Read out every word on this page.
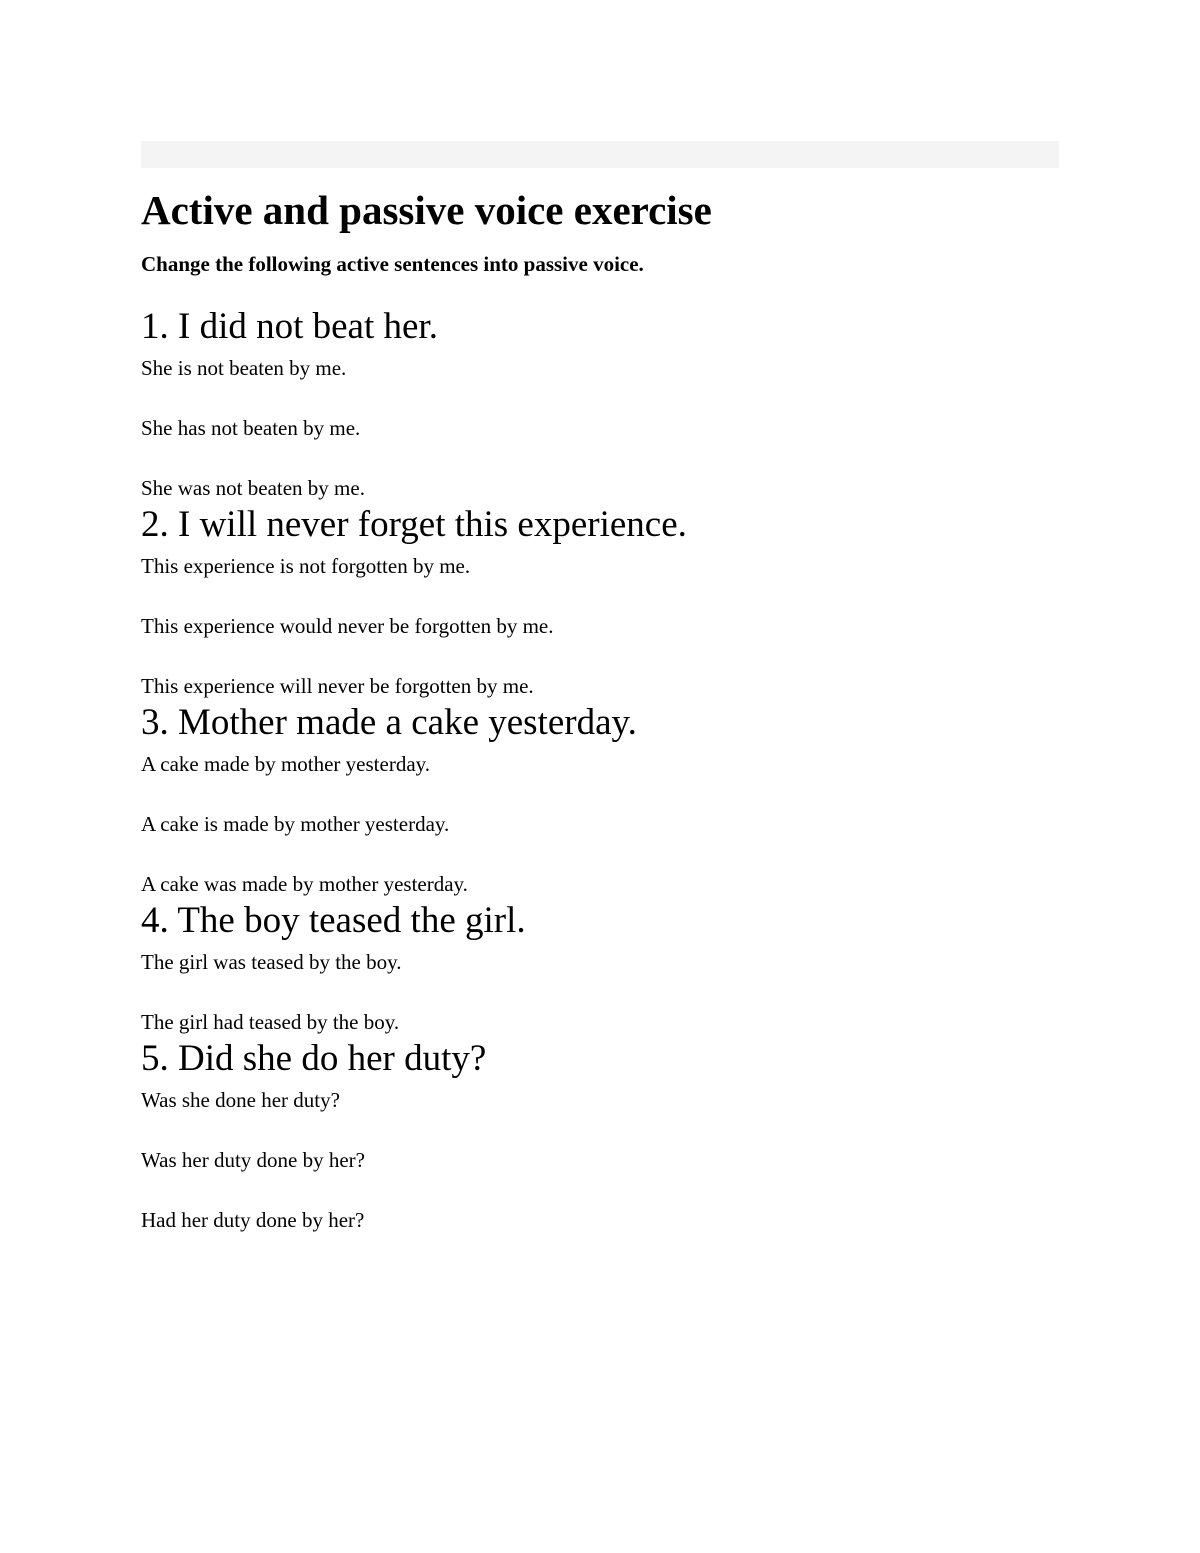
Active and passive voice exercise

Change the following active sentences into passive voice.

1. I did not beat her.
She is not beaten by me.
She has not beaten by me.
She was not beaten by me.
2. I will never forget this experience.
This experience is not forgotten by me.
This experience would never be forgotten by me.
This experience will never be forgotten by me.
3. Mother made a cake yesterday.
A cake made by mother yesterday.
A cake is made by mother yesterday.
A cake was made by mother yesterday.
4. The boy teased the girl.
The girl was teased by the boy.
The girl had teased by the boy.
5. Did she do her duty?
Was she done her duty?
Was her duty done by her?
Had her duty done by her?
